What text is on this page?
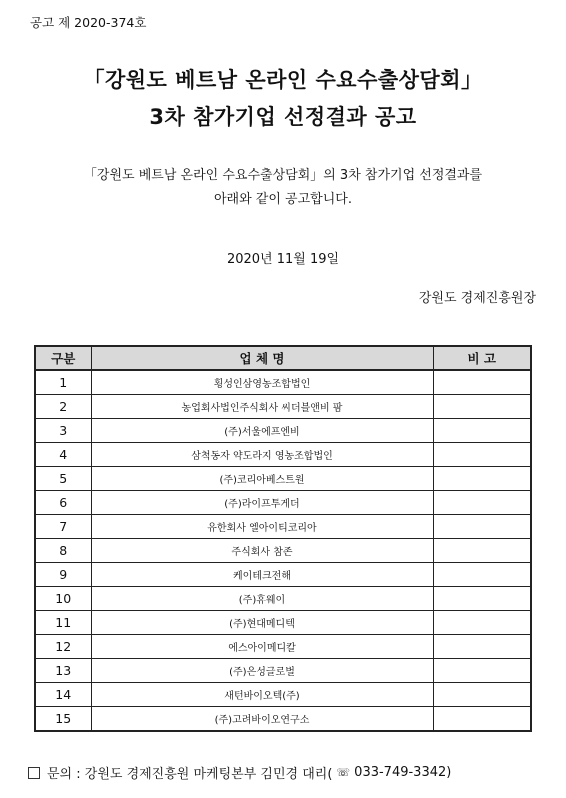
공고 제 2020-374호
「강원도 베트남 온라인 수요수출상담회」
3차 참가기업 선정결과 공고
「강원도 베트남 온라인 수요수출상담회」의 3차 참가기업 선정결과를
아래와 같이 공고합니다.
2020년 11월 19일
강원도 경제진흥원장
구분	업 체 명	비 고
1	횡성인삼영농조합법인	
2	농업회사법인주식회사 씨더블앤비 팜	
3	(주)서울에프엔비	
4	삼척동자 약도라지 영농조합법인	
5	(주)코리아베스트원	
6	(주)라이프투게더	
7	유한회사 엘아이티코리아	
8	주식회사 참존	
9	케이테크전해	
10	(주)휴웨이	
11	(주)현대메디텍	
12	에스아이메디칼	
13	(주)은성글로벌	
14	새턴바이오텍(주)	
15	(주)고려바이오연구소	
문의 : 강원도 경제진흥원 마케팅본부 김민경 대리( ☏ 033-749-3342)
